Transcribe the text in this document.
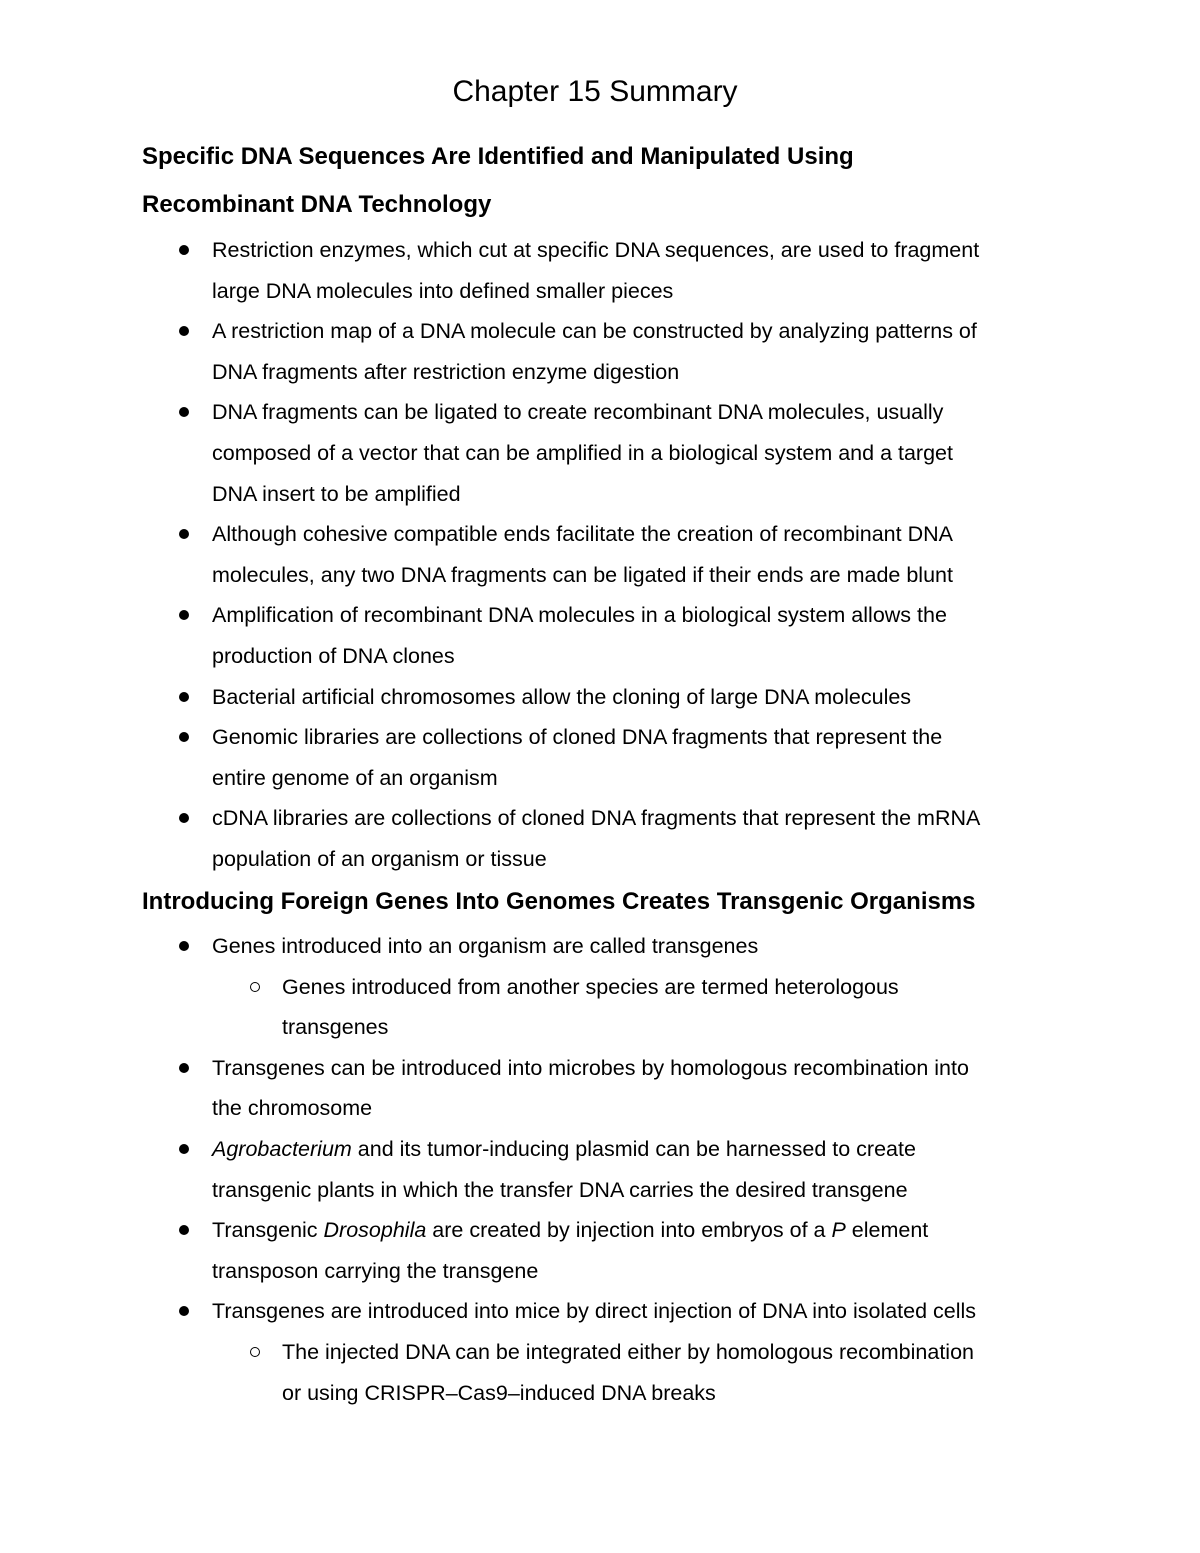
Chapter 15 Summary
Specific DNA Sequences Are Identified and Manipulated Using
Recombinant DNA Technology
Restriction enzymes, which cut at specific DNA sequences, are used to fragment
large DNA molecules into defined smaller pieces
A restriction map of a DNA molecule can be constructed by analyzing patterns of
DNA fragments after restriction enzyme digestion
DNA fragments can be ligated to create recombinant DNA molecules, usually
composed of a vector that can be amplified in a biological system and a target
DNA insert to be amplified
Although cohesive compatible ends facilitate the creation of recombinant DNA
molecules, any two DNA fragments can be ligated if their ends are made blunt
Amplification of recombinant DNA molecules in a biological system allows the
production of DNA clones
Bacterial artificial chromosomes allow the cloning of large DNA molecules
Genomic libraries are collections of cloned DNA fragments that represent the
entire genome of an organism
cDNA libraries are collections of cloned DNA fragments that represent the mRNA
population of an organism or tissue
Introducing Foreign Genes Into Genomes Creates Transgenic Organisms
Genes introduced into an organism are called transgenes
Genes introduced from another species are termed heterologous
transgenes
Transgenes can be introduced into microbes by homologous recombination into
the chromosome
Agrobacterium and its tumor-inducing plasmid can be harnessed to create
transgenic plants in which the transfer DNA carries the desired transgene
Transgenic Drosophila are created by injection into embryos of a P element
transposon carrying the transgene
Transgenes are introduced into mice by direct injection of DNA into isolated cells
The injected DNA can be integrated either by homologous recombination
or using CRISPR–Cas9–induced DNA breaks
